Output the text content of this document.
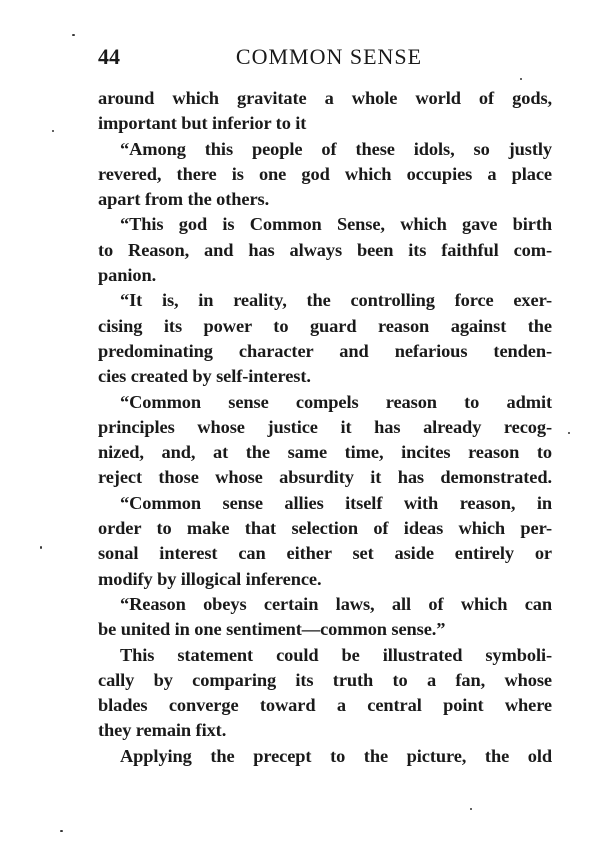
44	COMMON SENSE
around which gravitate a whole world of gods,
important but inferior to it
“Among this people of these idols, so justly
revered, there is one god which occupies a place
apart from the others.
“This god is Common Sense, which gave birth
to Reason, and has always been its faithful com-
panion.
“It is, in reality, the controlling force exer-
cising its power to guard reason against the
predominating character and nefarious tenden-
cies created by self-interest.
“Common sense compels reason to admit
principles whose justice it has already recog-
nized, and, at the same time, incites reason to
reject those whose absurdity it has demonstrated.
“Common sense allies itself with reason, in
order to make that selection of ideas which per-
sonal interest can either set aside entirely or
modify by illogical inference.
“Reason obeys certain laws, all of which can
be united in one sentiment—common sense.”
This statement could be illustrated symboli-
cally by comparing its truth to a fan, whose
blades converge toward a central point where
they remain fixt.
Applying the precept to the picture, the old
